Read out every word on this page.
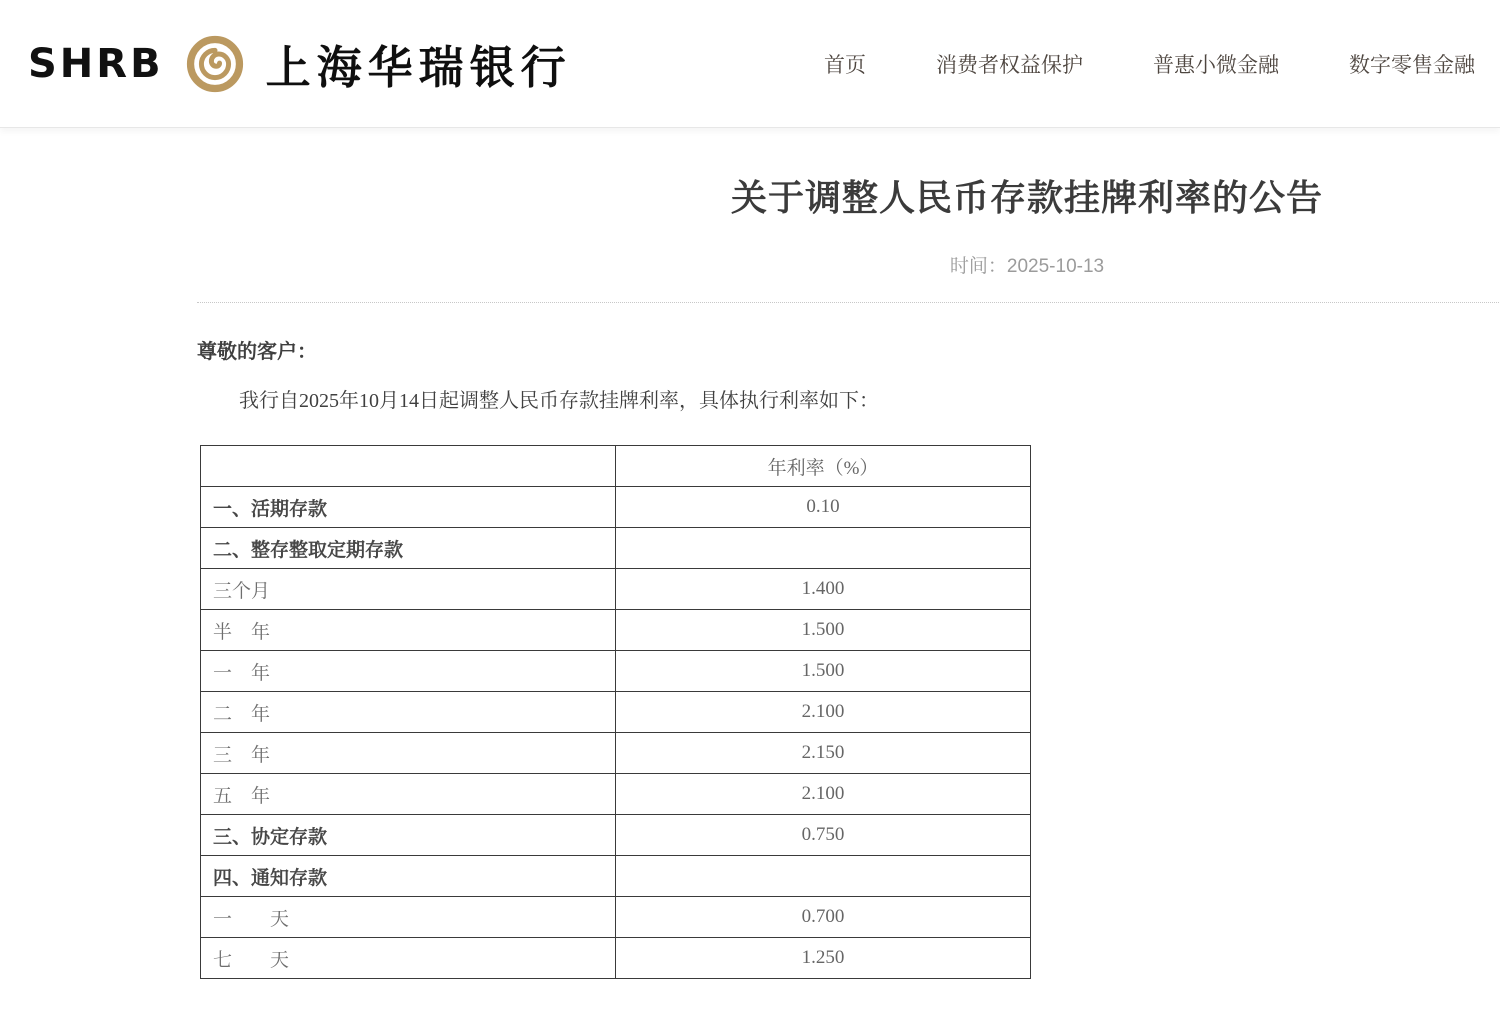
SHRB 上海华瑞银行	首页	消费者权益保护	普惠小微金融	数字零售金融
关于调整人民币存款挂牌利率的公告
时间：2025-10-13

尊敬的客户：

我行自2025年10月14日起调整人民币存款挂牌利率，具体执行利率如下：

	年利率（%）
一、活期存款	0.10
二、整存整取定期存款	
三个月	1.400
半　年	1.500
一　年	1.500
二　年	2.100
三　年	2.150
五　年	2.100
三、协定存款	0.750
四、通知存款	
一　　天	0.700
七　　天	1.250
